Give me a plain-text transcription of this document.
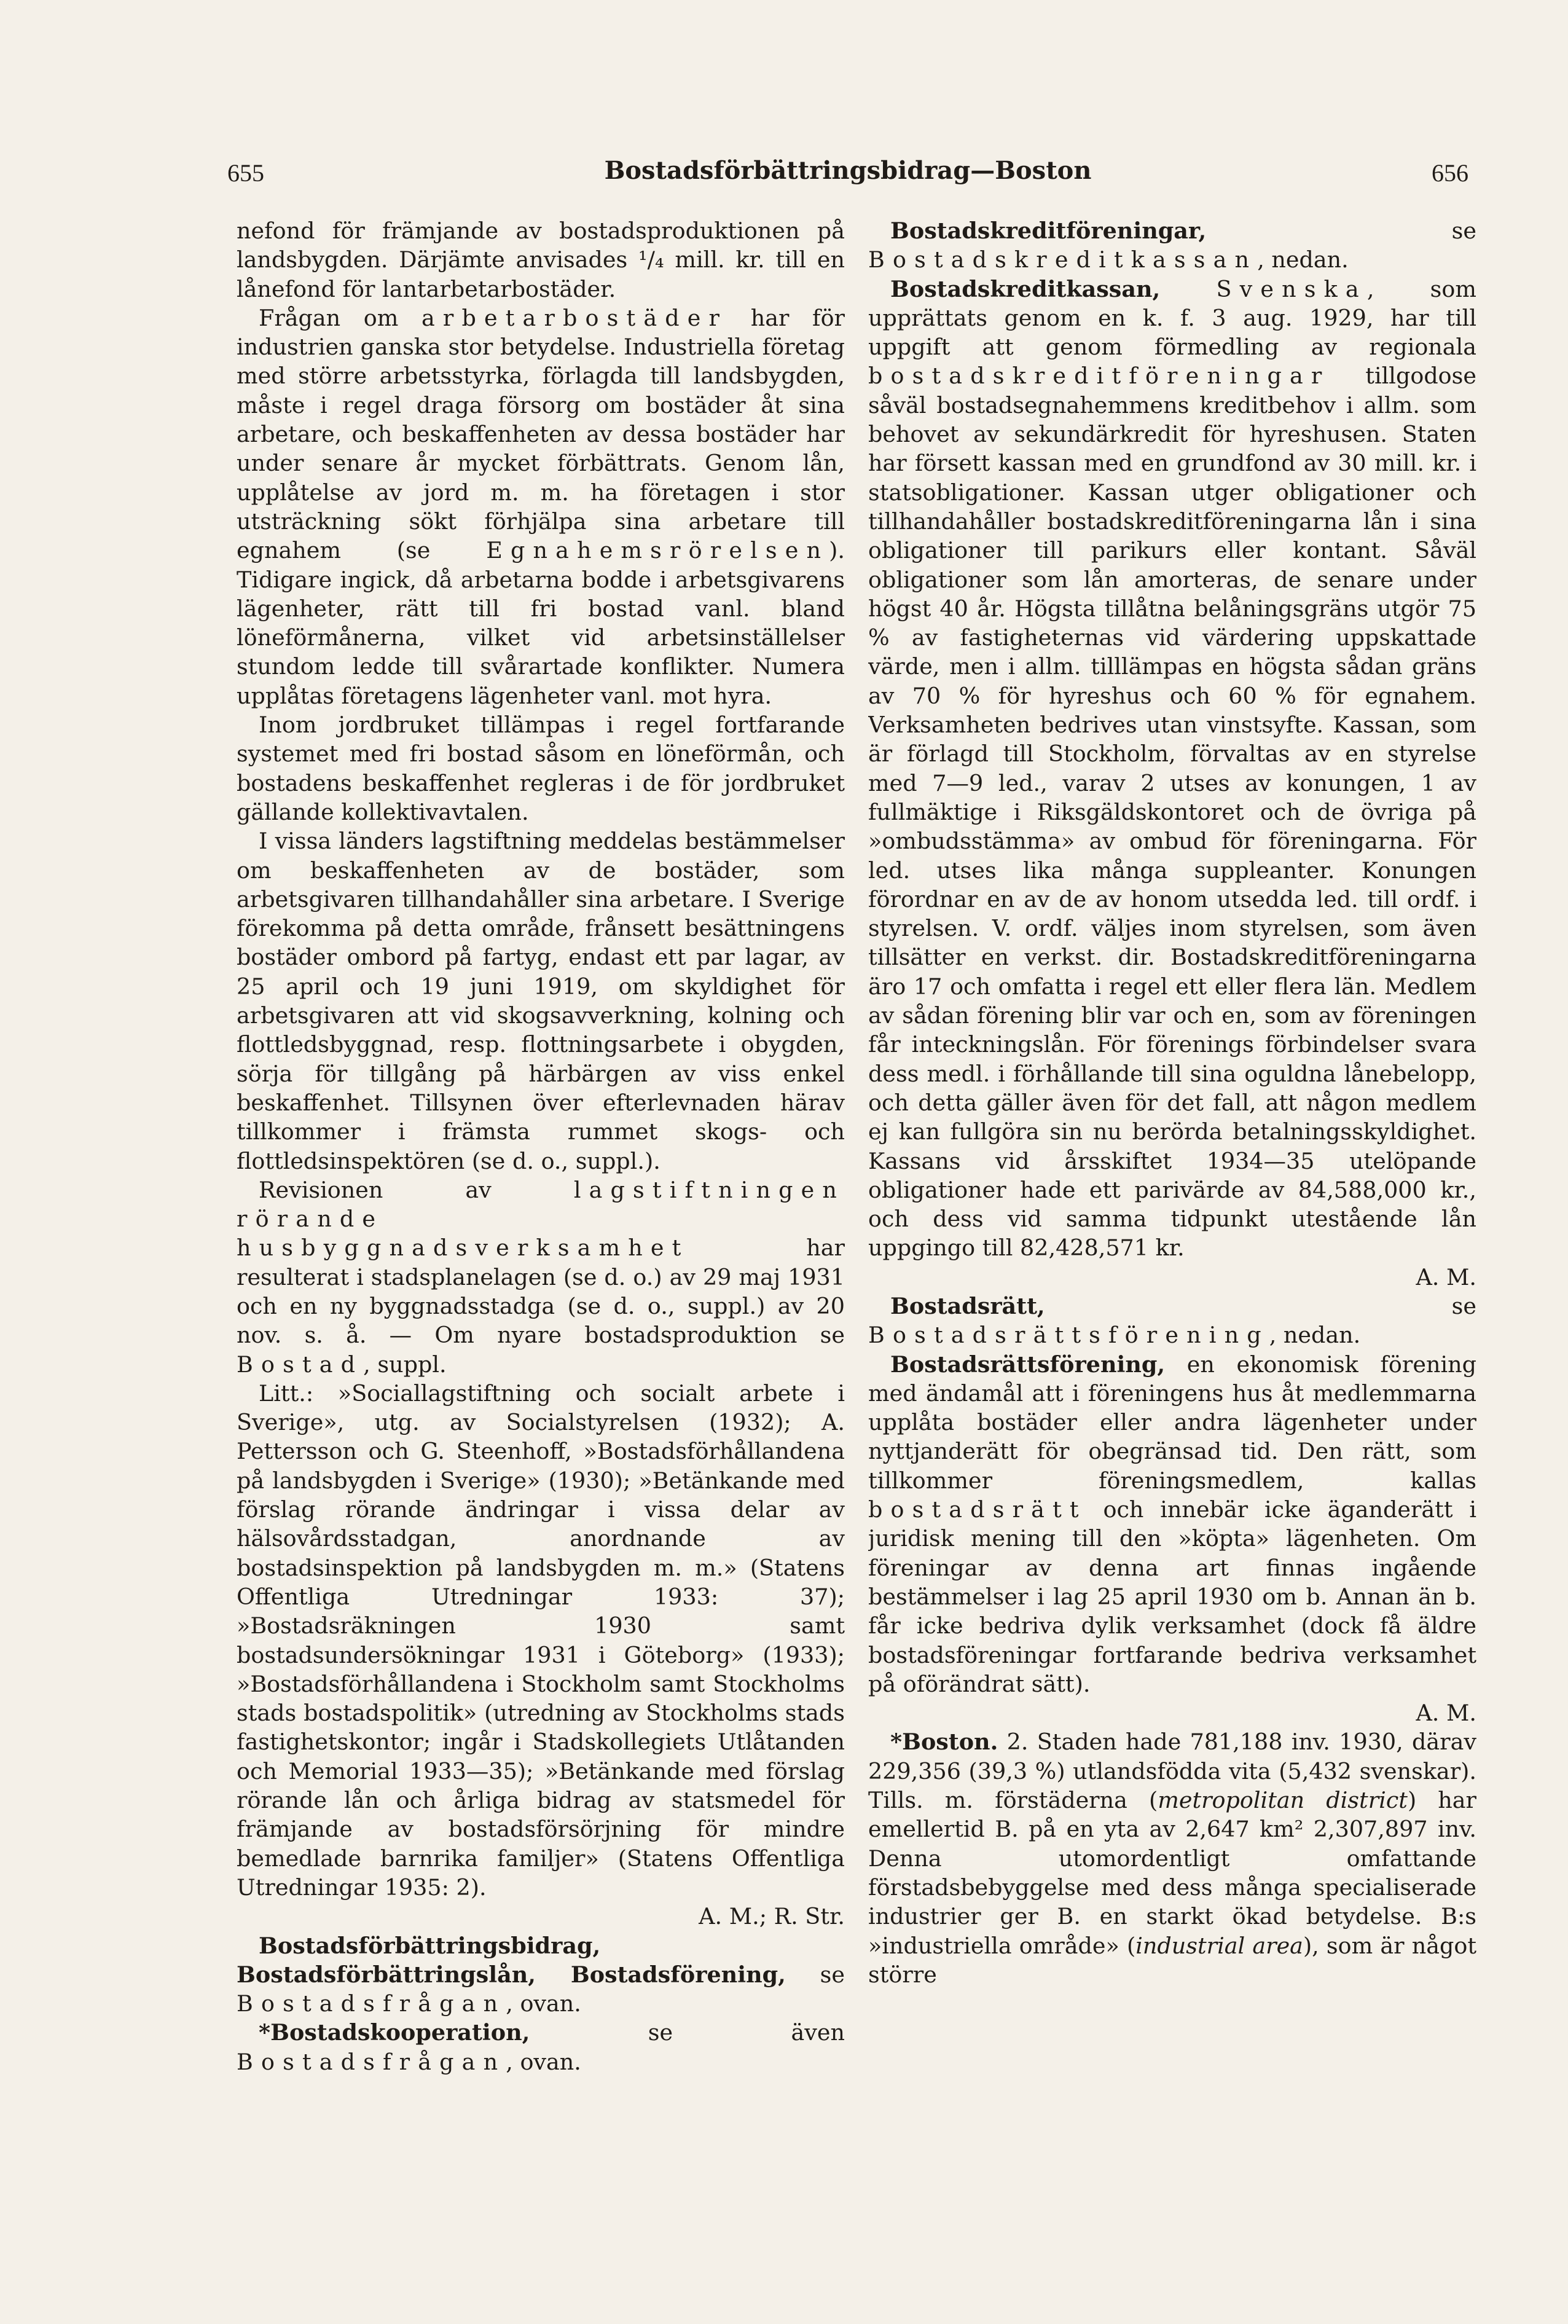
655	Bostadsförbättringsbidrag—Boston	656

nefond för främjande av bostadsproduktionen på landsbygden. Därjämte anvisades ¹/₄ mill. kr. till en lånefond för lantarbetarbostäder.

Frågan om arbetarbostäder har för industrien ganska stor betydelse. Industriella företag med större arbetsstyrka, förlagda till landsbygden, måste i regel draga försorg om bostäder åt sina arbetare, och beskaffenheten av dessa bostäder har under senare år mycket förbättrats. Genom lån, upplåtelse av jord m. m. ha företagen i stor utsträckning sökt förhjälpa sina arbetare till egnahem (se Egnahemsrörelsen). Tidigare ingick, då arbetarna bodde i arbetsgivarens lägenheter, rätt till fri bostad vanl. bland löneförmånerna, vilket vid arbetsinställelser stundom ledde till svårartade konflikter. Numera upplåtas företagens lägenheter vanl. mot hyra.

Inom jordbruket tillämpas i regel fortfarande systemet med fri bostad såsom en löneförmån, och bostadens beskaffenhet regleras i de för jordbruket gällande kollektivavtalen.

I vissa länders lagstiftning meddelas bestämmelser om beskaffenheten av de bostäder, som arbetsgivaren tillhandahåller sina arbetare. I Sverige förekomma på detta område, frånsett besättningens bostäder ombord på fartyg, endast ett par lagar, av 25 april och 19 juni 1919, om skyldighet för arbetsgivaren att vid skogsavverkning, kolning och flottledsbyggnad, resp. flottningsarbete i obygden, sörja för tillgång på härbärgen av viss enkel beskaffenhet. Tillsynen över efterlevnaden härav tillkommer i främsta rummet skogs- och flottledsinspektören (se d. o., suppl.).

Revisionen av lagstiftningen rörande husbyggnadsverksamhet har resulterat i stadsplanelagen (se d. o.) av 29 maj 1931 och en ny byggnadsstadga (se d. o., suppl.) av 20 nov. s. å. — Om nyare bostadsproduktion se Bostad, suppl.

Litt.: »Sociallagstiftning och socialt arbete i Sverige», utg. av Socialstyrelsen (1932); A. Pettersson och G. Steenhoff, »Bostadsförhållandena på landsbygden i Sverige» (1930); »Betänkande med förslag rörande ändringar i vissa delar av hälsovårdsstadgan, anordnande av bostadsinspektion på landsbygden m. m.» (Statens Offentliga Utredningar 1933: 37); »Bostadsräkningen 1930 samt bostadsundersökningar 1931 i Göteborg» (1933); »Bostadsförhållandena i Stockholm samt Stockholms stads bostadspolitik» (utredning av Stockholms stads fastighetskontor; ingår i Stadskollegiets Utlåtanden och Memorial 1933—35); »Betänkande med förslag rörande lån och årliga bidrag av statsmedel för främjande av bostadsförsörjning för mindre bemedlade barnrika familjer» (Statens Offentliga Utredningar 1935: 2).
A. M.; R. Str.

Bostadsförbättringsbidrag, Bostadsförbättringslån, Bostadsförening, se Bostadsfrågan, ovan.

*Bostadskooperation, se även Bostadsfrågan, ovan.

Bostadskreditföreningar, se Bostadskreditkassan, nedan.

Bostadskreditkassan,	Svenska, som upprättats genom en k. f. 3 aug. 1929, har till uppgift att genom förmedling av regionala bostadskreditföreningar tillgodose såväl bostadsegnahemmens kreditbehov i allm. som behovet av sekundärkredit för hyreshusen. Staten har försett kassan med en grundfond av 30 mill. kr. i statsobligationer. Kassan utger obligationer och tillhandahåller bostadskreditföreningarna lån i sina obligationer till parikurs eller kontant. Såväl obligationer som lån amorteras, de senare under högst 40 år. Högsta tillåtna belåningsgräns utgör 75 % av fastigheternas vid värdering uppskattade värde, men i allm. tilllämpas en högsta sådan gräns av 70 % för hyreshus och 60 % för egnahem. Verksamheten bedrives utan vinstsyfte. Kassan, som är förlagd till Stockholm, förvaltas av en styrelse med 7—9 led., varav 2 utses av konungen, 1 av fullmäktige i Riksgäldskontoret och de övriga på »ombudsstämma» av ombud för föreningarna. För led. utses lika många suppleanter. Konungen förordnar en av de av honom utsedda led. till ordf. i styrelsen. V. ordf. väljes inom styrelsen, som även tillsätter en verkst. dir. Bostadskreditföreningarna äro 17 och omfatta i regel ett eller flera län. Medlem av sådan förening blir var och en, som av föreningen får inteckningslån. För förenings förbindelser svara dess medl. i förhållande till sina oguldna lånebelopp, och detta gäller även för det fall, att någon medlem ej kan fullgöra sin nu berörda betalningsskyldighet. Kassans vid årsskiftet 1934—35 utelöpande obligationer hade ett parivärde av 84,588,000 kr., och dess vid samma tidpunkt utestående lån uppgingo till 82,428,571 kr.
A. M.

Bostadsrätt, se Bostadsrättsförening, nedan.

Bostadsrättsförening, en ekonomisk förening med ändamål att i föreningens hus åt medlemmarna upplåta bostäder eller andra lägenheter under nyttjanderätt för obegränsad tid. Den rätt, som tillkommer föreningsmedlem, kallas bostadsrätt och innebär icke äganderätt i juridisk mening till den »köpta» lägenheten. Om föreningar av denna art finnas ingående bestämmelser i lag 25 april 1930 om b. Annan än b. får icke bedriva dylik verksamhet (dock få äldre bostadsföreningar fortfarande bedriva verksamhet på oförändrat sätt).
A. M.

*Boston. 2. Staden hade 781,188 inv. 1930, därav 229,356 (39,3 %) utlandsfödda vita (5,432 svenskar). Tills. m. förstäderna (metropolitan district) har emellertid B. på en yta av 2,647 km² 2,307,897 inv. Denna utomordentligt omfattande förstadsbebyggelse med dess många specialiserade industrier ger B. en starkt ökad betydelse. B:s »industriella område» (industrial area), som är något större
